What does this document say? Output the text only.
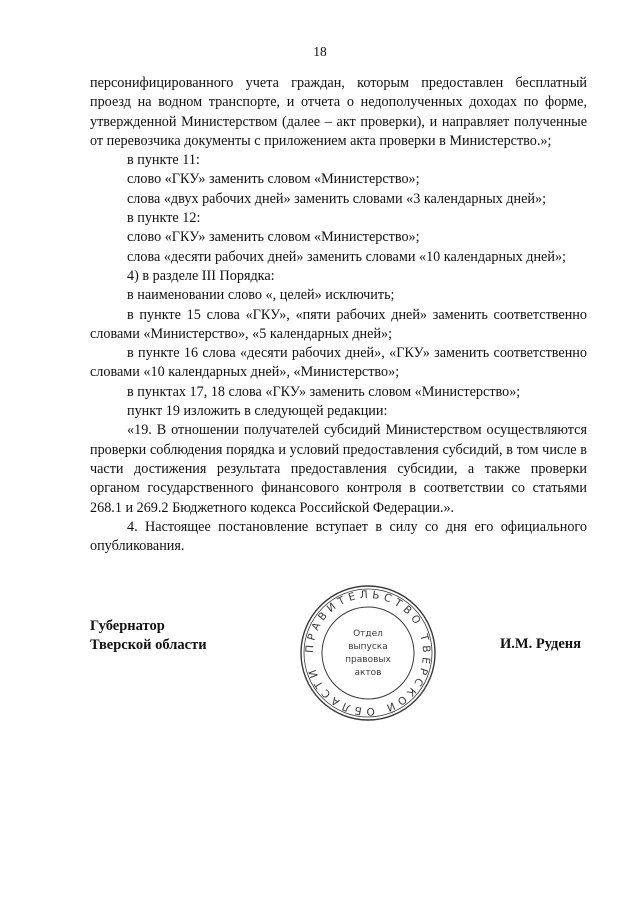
18

персонифицированного учета граждан, которым предоставлен бесплатный проезд на водном транспорте, и отчета о недополученных доходах по форме, утвержденной Министерством (далее – акт проверки), и направляет полученные от перевозчика документы с приложением акта проверки в Министерство.»;

в пункте 11:

слово «ГКУ» заменить словом «Министерство»;

слова «двух рабочих дней» заменить словами «3 календарных дней»;

в пункте 12:

слово «ГКУ» заменить словом «Министерство»;

слова «десяти рабочих дней» заменить словами «10 календарных дней»;

4) в разделе III Порядка:

в наименовании слово «, целей» исключить;

в пункте 15 слова «ГКУ», «пяти рабочих дней» заменить соответственно словами «Министерство», «5 календарных дней»;

в пункте 16 слова «десяти рабочих дней», «ГКУ» заменить соответственно словами «10 календарных дней», «Министерство»;

в пунктах 17, 18 слова «ГКУ» заменить словом «Министерство»;

пункт 19 изложить в следующей редакции:

«19. В отношении получателей субсидий Министерством осуществляются проверки соблюдения порядка и условий предоставления субсидий, в том числе в части достижения результата предоставления субсидии, а также проверки органом государственного финансового контроля в соответствии со статьями 268.1 и 269.2 Бюджетного кодекса Российской Федерации.».

4. Настоящее постановление вступает в силу со дня его официального опубликования.

Губернатор
Тверской области	ПРАВИТЕЛЬСТВО ТВЕРСКОЙ ОБЛАСТИ
Отдел
выпуска
правовых
актов
И.М. Руденя
